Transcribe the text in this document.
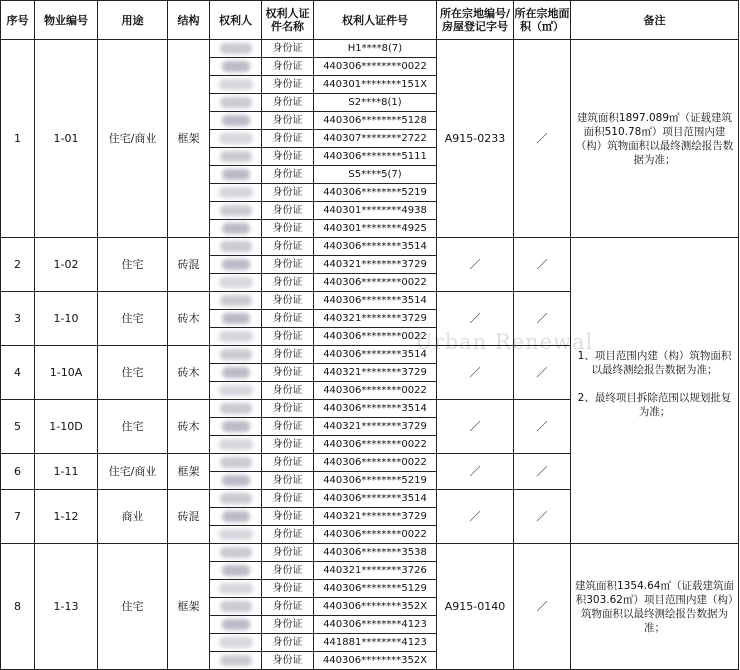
序号	物业编号	用途	结构	权利人	权利人证件名称	权利人证件号	所在宗地编号/房屋登记字号	所在宗地面积（㎡）	备注
1	1-01	住宅/商业	框架		身份证	H1****8(7)	A915-0233	／	建筑面积1897.089㎡（证载建筑面积510.78㎡）项目范围内建（构）筑物面积以最终测绘报告数据为准；
					身份证	440306********0022			
					身份证	440301********151X			
					身份证	S2****8(1)			
					身份证	440306********5128			
					身份证	440307********2722			
					身份证	440306********5111			
					身份证	S5****5(7)			
					身份证	440306********5219			
					身份证	440301********4938			
					身份证	440301********4925			
2	1-02	住宅	砖混		身份证	440306********3514	／	／	1、项目范围内建（构）筑物面积以最终测绘报告数据为准；

2、最终项目拆除范围以规划批复为准；

					身份证	440321********3729			
					身份证	440306********0022			
3	1-10	住宅	砖木		身份证	440306********3514	／	／	
					身份证	440321********3729			
					身份证	440306********0022			
4	1-10A	住宅	砖木		身份证	440306********3514	／	／	
					身份证	440321********3729			
					身份证	440306********0022			
5	1-10D	住宅	砖木		身份证	440306********3514	／	／	
					身份证	440321********3729			
					身份证	440306********0022			
6	1-11	住宅/商业	框架		身份证	440306********0022	／	／	
					身份证	440306********5219			
7	1-12	商业	砖混		身份证	440306********3514	／	／	
					身份证	440321********3729			
					身份证	440306********0022			
8	1-13	住宅	框架		身份证	440306********3538	A915-0140	／	建筑面积1354.64㎡（证载建筑面积303.62㎡）项目范围内建（构）筑物面积以最终测绘报告数据为准；
					身份证	440321********3726			
					身份证	440306********5129			
					身份证	440306********352X			
					身份证	440306********4123			
					身份证	441881********4123			
					身份证	440306********352X			
Urban Renewal
